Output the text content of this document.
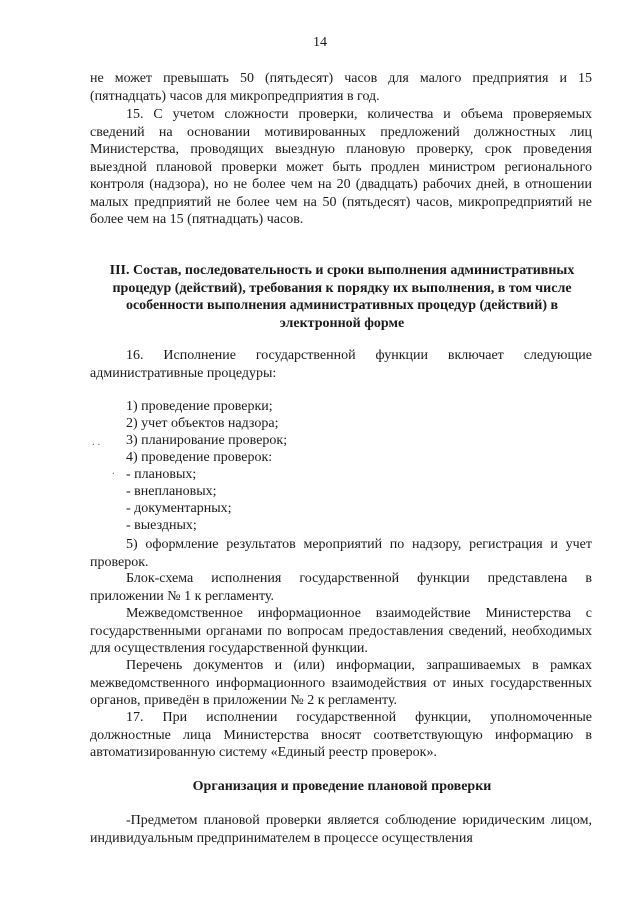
14

не может превышать 50 (пятьдесят) часов для малого предприятия и 15 (пятнадцать) часов для микропредприятия в год.

15. С учетом сложности проверки, количества и объема проверяемых сведений на основании мотивированных предложений должностных лиц Министерства, проводящих выездную плановую проверку, срок проведения выездной плановой проверки может быть продлен министром регионального контроля (надзора), но не более чем на 20 (двадцать) рабочих дней, в отношении малых предприятий не более чем на 50 (пятьдесят) часов, микропредприятий не более чем на 15 (пятнадцать) часов.

III. Состав, последовательность и сроки выполнения административных процедур (действий), требования к порядку их выполнения, в том числе особенности выполнения административных процедур (действий) в электронной форме

16. Исполнение государственной функции включает следующие административные процедуры:

1) проведение проверки;
2) учет объектов надзора;
3) планирование проверок;
4) проведение проверок:
- плановых;
- внеплановых;
- документарных;
- выездных;

5) оформление результатов мероприятий по надзору, регистрация и учет проверок.

Блок-схема исполнения государственной функции представлена в приложении № 1 к регламенту.

Межведомственное информационное взаимодействие Министерства с государственными органами по вопросам предоставления сведений, необходимых для осуществления государственной функции.

Перечень документов и (или) информации, запрашиваемых в рамках межведомственного информационного взаимодействия от иных государственных органов, приведён в приложении № 2 к регламенту.

17. При исполнении государственной функции, уполномоченные должностные лица Министерства вносят соответствующую информацию в автоматизированную систему «Единый реестр проверок».

Организация и проведение плановой проверки

-Предметом плановой проверки является соблюдение юридическим лицом, индивидуальным предпринимателем в процессе осуществления

. .
.
